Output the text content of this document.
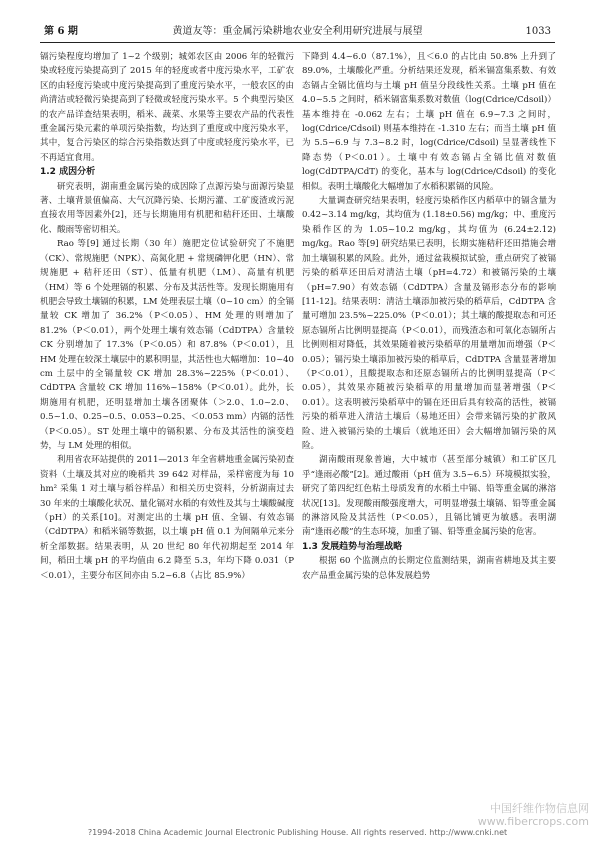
第 6 期	黄道友等：重金属污染耕地农业安全利用研究进展与展望	1033

镉污染程度均增加了 1~2 个级别；城郊农区由 2006 年的轻微污染或轻度污染提高到了 2015 年的轻度或者中度污染水平，工矿农区的由轻度污染或中度污染提高到了重度污染水平，一般农区的由尚清洁或轻微污染提高到了轻微或轻度污染水平。5 个典型污染区的农产品详查结果表明，稻米、蔬菜、水果等主要农产品的代表性重金属污染元素的单项污染指数，均达到了重度或中度污染水平，其中，复合污染区的综合污染指数达到了中度或轻度污染水平，已不再适宜食用。

1.2 成因分析

研究表明，湖南重金属污染的成因除了点源污染与面源污染显著、土壤背景值偏高、大气沉降污染、长期污灌、工矿废渣或污泥直接农用等因素外[2]，还与长期施用有机肥和秸秆还田、土壤酸化、酸雨等密切相关。

Rao 等[9] 通过长期（30 年）施肥定位试验研究了不施肥（CK）、常规施肥（NPK）、高氮化肥 + 常规磷钾化肥（HN）、常规施肥 + 秸秆还田（ST）、低量有机肥（LM）、高量有机肥（HM）等 6 个处理镉的积累、分布及其活性等。发现长期施用有机肥会导致土壤镉的积累，LM 处理表层土壤（0~10 cm）的全镉量较 CK 增加了 36.2%（P＜0.05）、HM 处理的则增加了 81.2%（P＜0.01），两个处理土壤有效态镉（CdDTPA）含量较 CK 分别增加了 17.3%（P＜0.05）和 87.8%（P＜0.01），且 HM 处理在较深土壤层中的累积明显，其活性也大幅增加：10~40 cm 土层中的全镉量较 CK 增加 28.3%~225%（P＜0.01）、CdDTPA 含量较 CK 增加 116%~158%（P＜0.01）。此外，长期施用有机肥，还明显增加土壤各团聚体（＞2.0、1.0~2.0、0.5~1.0、0.25~0.5、0.053~0.25、＜0.053 mm）内镉的活性（P＜0.05）。ST 处理土壤中的镉积累、分布及其活性的演变趋势，与 LM 处理的相似。

利用省农环站提供的 2011—2013 年全省耕地重金属污染初查资料（土壤及其对应的晚稻共 39 642 对样品，采样密度为每 10 hm² 采集 1 对土壤与稻谷样品）和相关历史资料，分析湖南过去 30 年来的土壤酸化状况、量化镉对水稻的有效性及其与土壤酸碱度（pH）的关系[10]。对测定出的土壤 pH 值、全镉、有效态镉（CdDTPA）和稻米镉等数据，以土壤 pH 值 0.1 为间隔单元来分析全部数据。结果表明，从 20 世纪 80 年代初期起至 2014 年间，稻田土壤 pH 的平均值由 6.2 降至 5.3，年均下降 0.031（P＜0.01），主要分布区间亦由 5.2~6.8（占比 85.9%）

下降到 4.4~6.0（87.1%），且＜6.0 的占比由 50.8% 上升到了 89.0%，土壤酸化严重。分析结果还发现，稻米镉富集系数、有效态镉占全镉比值均与土壤 pH 值呈分段线性关系。土壤 pH 值在 4.0~5.5 之间时，稻米镉富集系数对数值（log(Cdrice/Cdsoil)）基本维持在 -0.062 左右；土壤 pH 值在 6.9~7.3 之间时，log(Cdrice/Cdsoil) 则基本维持在 -1.310 左右；而当土壤 pH 值为 5.5~6.9 与 7.3~8.2 时，log(Cdrice/Cdsoil) 呈显著线性下降态势（P＜0.01）。土壤中有效态镉占全镉比值对数值 log(CdDTPA/CdT) 的变化，基本与 log(Cdrice/Cdsoil) 的变化相似。表明土壤酸化大幅增加了水稻积累镉的风险。

大量调查研究结果表明，轻度污染稻作区内稻草中的镉含量为 0.42~3.14 mg/kg，其均值为 (1.18±0.56) mg/kg；中、重度污染稻作区的为 1.05~10.2 mg/kg，其均值为 (6.24±2.12) mg/kg。Rao 等[9] 研究结果已表明，长期实施秸秆还田措施会增加土壤镉积累的风险。此外，通过盆栽模拟试验，重点研究了被镉污染的稻草还田后对清洁土壤（pH=4.72）和被镉污染的土壤（pH=7.90）有效态镉（CdDTPA）含量及镉形态分布的影响[11-12]。结果表明：清洁土壤添加被污染的稻草后，CdDTPA 含量可增加 23.5%~225.0%（P＜0.01）；其土壤的酸提取态和可还原态镉所占比例明显提高（P＜0.01），而残渣态和可氧化态镉所占比例则相对降低，其效果随着被污染稻草的用量增加而增强（P＜0.05）；镉污染土壤添加被污染的稻草后，CdDTPA 含量显著增加（P＜0.01），且酸提取态和还原态镉所占的比例明显提高（P＜0.05），其效果亦随被污染稻草的用量增加而显著增强（P＜0.01）。这表明被污染稻草中的镉在还田后具有较高的活性，被镉污染的稻草进入清洁土壤后（易地还田）会带来镉污染的扩散风险、进入被镉污染的土壤后（就地还田）会大幅增加镉污染的风险。

湖南酸雨现象普遍，大中城市（甚至部分城镇）和工矿区几乎“逢雨必酸”[2]。通过酸雨（pH 值为 3.5~6.5）环境模拟实验，研究了第四纪红色粘土母质发育的水稻土中镉、铅等重金属的淋溶状况[13]。发现酸雨酸强度增大，可明显增强土壤镉、铅等重金属的淋溶风险及其活性（P＜0.05），且镉比铺更为敏感。表明湖南“逢雨必酸”的生态环境，加重了镉、铅等重金属污染的危害。

1.3 发展趋势与治理战略

根据 60 个监测点的长期定位监测结果，湖南省耕地及其主要农产品重金属污染的总体发展趋势

?1994-2018 China Academic Journal Electronic Publishing House. All rights reserved. http://www.cnki.net
中国纤维作物信息网
www.fibercrops.com
